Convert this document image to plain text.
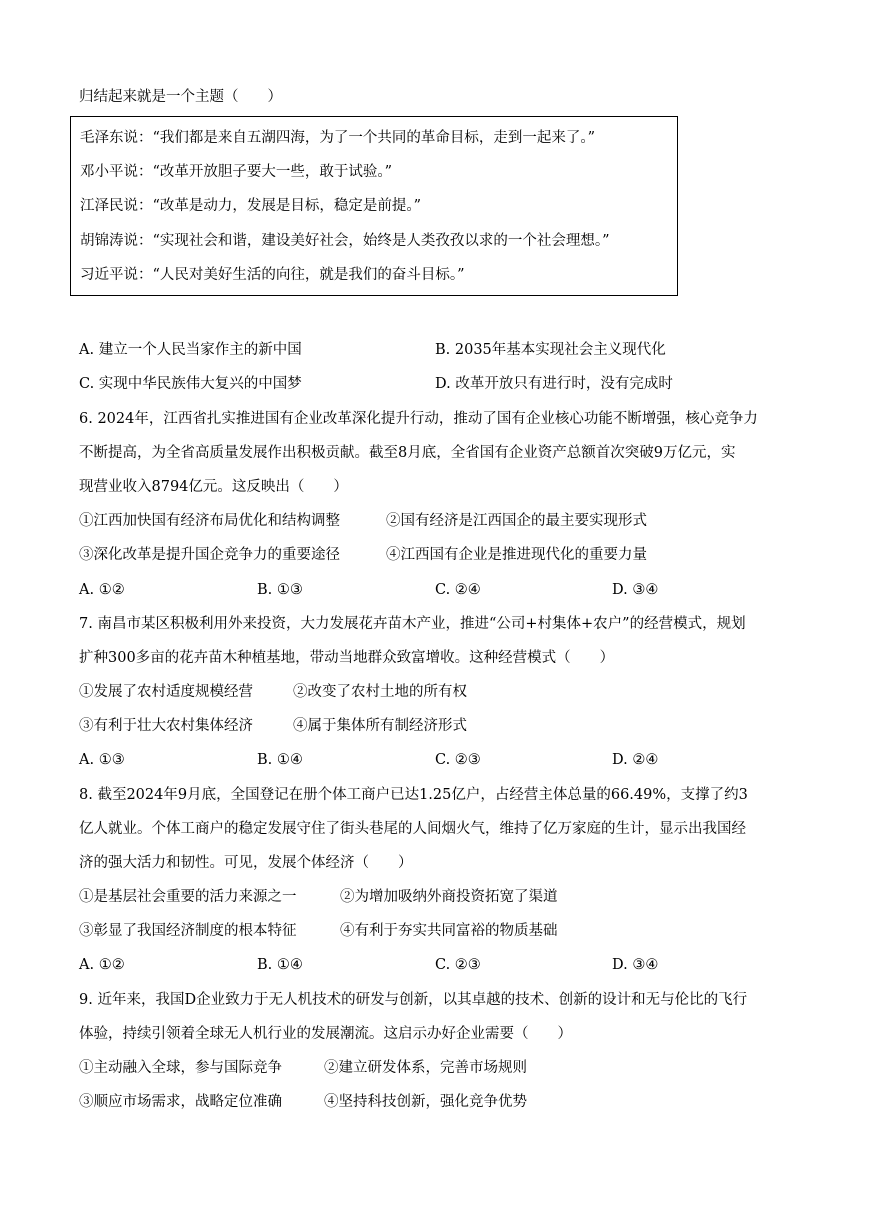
归结起来就是一个主题（　　）
毛泽东说：“我们都是来自五湖四海，为了一个共同的革命目标，走到一起来了。”
邓小平说：“改革开放胆子要大一些，敢于试验。”
江泽民说：“改革是动力，发展是目标，稳定是前提。”
胡锦涛说：“实现社会和谐，建设美好社会，始终是人类孜孜以求的一个社会理想。”
习近平说：“人民对美好生活的向往，就是我们的奋斗目标。”
A. 建立一个人民当家作主的新中国	B. 2035年基本实现社会主义现代化
C. 实现中华民族伟大复兴的中国梦	D. 改革开放只有进行时，没有完成时
6. 2024年，江西省扎实推进国有企业改革深化提升行动，推动了国有企业核心功能不断增强，核心竞争力
不断提高，为全省高质量发展作出积极贡献。截至8月底，全省国有企业资产总额首次突破9万亿元，实
现营业收入8794亿元。这反映出（　　）
①江西加快国有经济布局优化和结构调整	②国有经济是江西国企的最主要实现形式
③深化改革是提升国企竞争力的重要途径	④江西国有企业是推进现代化的重要力量
A. ①②	B. ①③	C. ②④	D. ③④
7. 南昌市某区积极利用外来投资，大力发展花卉苗木产业，推进“公司+村集体+农户”的经营模式，规划
扩种300多亩的花卉苗木种植基地，带动当地群众致富增收。这种经营模式（　　）
①发展了农村适度规模经营	②改变了农村土地的所有权
③有利于壮大农村集体经济	④属于集体所有制经济形式
A. ①③	B. ①④	C. ②③	D. ②④
8. 截至2024年9月底，全国登记在册个体工商户已达1.25亿户，占经营主体总量的66.49%，支撑了约3
亿人就业。个体工商户的稳定发展守住了街头巷尾的人间烟火气，维持了亿万家庭的生计，显示出我国经
济的强大活力和韧性。可见，发展个体经济（　　）
①是基层社会重要的活力来源之一	②为增加吸纳外商投资拓宽了渠道
③彰显了我国经济制度的根本特征	④有利于夯实共同富裕的物质基础
A. ①②	B. ①④	C. ②③	D. ③④
9. 近年来，我国D企业致力于无人机技术的研发与创新，以其卓越的技术、创新的设计和无与伦比的飞行
体验，持续引领着全球无人机行业的发展潮流。这启示办好企业需要（　　）
①主动融入全球，参与国际竞争	②建立研发体系，完善市场规则
③顺应市场需求，战略定位准确	④坚持科技创新，强化竞争优势
